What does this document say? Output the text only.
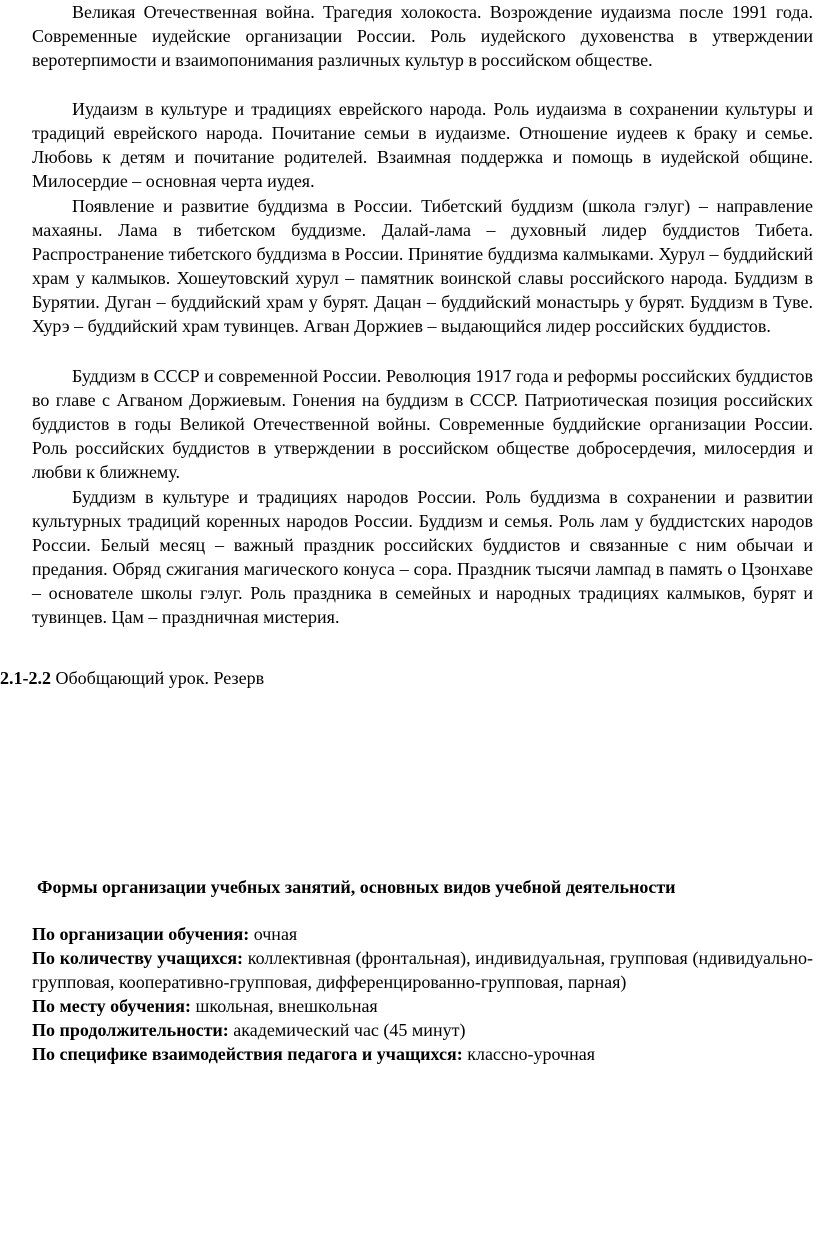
Великая Отечественная война. Трагедия холокоста. Возрождение иудаизма после 1991 года. Современные иудейские организации России. Роль иудейского духовенства в утверждении веротерпимости и взаимопонимания различных культур в российском обществе.

Иудаизм в культуре и традициях еврейского народа. Роль иудаизма в сохранении культуры и традиций еврейского народа. Почитание семьи в иудаизме. Отношение иудеев к браку и семье. Любовь к детям и почитание родителей. Взаимная поддержка и помощь в иудейской общине. Милосердие – основная черта иудея.

Появление и развитие буддизма в России. Тибетский буддизм (школа гэлуг) – направление махаяны. Лама в тибетском буддизме. Далай-лама – духовный лидер буддистов Тибета. Распространение тибетского буддизма в России. Принятие буддизма калмыками. Хурул – буддийский храм у калмыков. Хошеутовский хурул – памятник воинской славы российского народа. Буддизм в Бурятии. Дуган – буддийский храм у бурят. Дацан – буддийский монастырь у бурят. Буддизм в Туве. Хурэ – буддийский храм тувинцев. Агван Доржиев – выдающийся лидер российских буддистов.

Буддизм в СССР и современной России. Революция 1917 года и реформы российских буддистов во главе с Агваном Доржиевым. Гонения на буддизм в СССР. Патриотическая позиция российских буддистов в годы Великой Отечественной войны. Современные буддийские организации России. Роль российских буддистов в утверждении в российском обществе добросердечия, милосердия и любви к ближнему.

Буддизм в культуре и традициях народов России. Роль буддизма в сохранении и развитии культурных традиций коренных народов России. Буддизм и семья. Роль лам у буддистских народов России. Белый месяц – важный праздник российских буддистов и связанные с ним обычаи и предания. Обряд сжигания магического конуса – сора. Праздник тысячи лампад в память о Цзонхаве – основателе школы гэлуг. Роль праздника в семейных и народных традициях калмыков, бурят и тувинцев. Цам – праздничная мистерия.

2.1-2.2 Обобщающий урок. Резерв

Формы организации учебных занятий, основных видов учебной деятельности

По организации обучения: очная

По количеству учащихся: коллективная (фронтальная), индивидуальная, групповая (ндивидуально-групповая, кооперативно-групповая, дифференцированно-групповая, парная)

По месту обучения: школьная, внешкольная

По продолжительности: академический час (45 минут)

По специфике взаимодействия педагога и учащихся: классно-урочная
